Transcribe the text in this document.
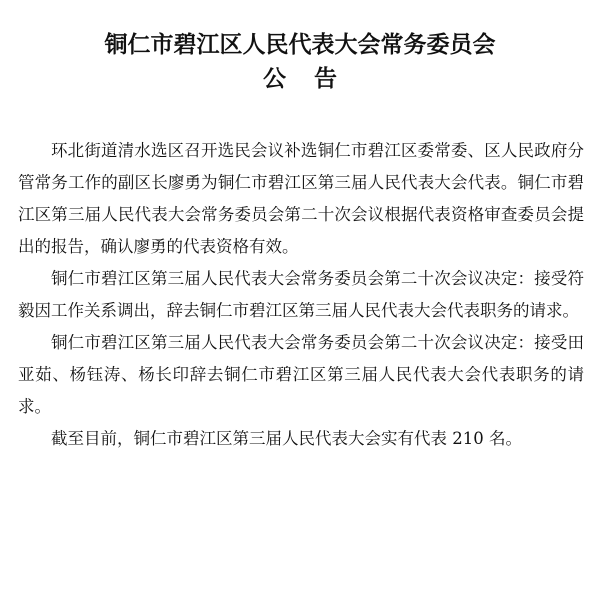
铜仁市碧江区人民代表大会常务委员会
公告

环北街道清水选区召开选民会议补选铜仁市碧江区委常委、区人民政府分管常务工作的副区长廖勇为铜仁市碧江区第三届人民代表大会代表。铜仁市碧江区第三届人民代表大会常务委员会第二十次会议根据代表资格审查委员会提出的报告，确认廖勇的代表资格有效。

铜仁市碧江区第三届人民代表大会常务委员会第二十次会议决定：接受符毅因工作关系调出，辞去铜仁市碧江区第三届人民代表大会代表职务的请求。

铜仁市碧江区第三届人民代表大会常务委员会第二十次会议决定：接受田亚茹、杨钰涛、杨长印辞去铜仁市碧江区第三届人民代表大会代表职务的请求。

截至目前，铜仁市碧江区第三届人民代表大会实有代表 210 名。
